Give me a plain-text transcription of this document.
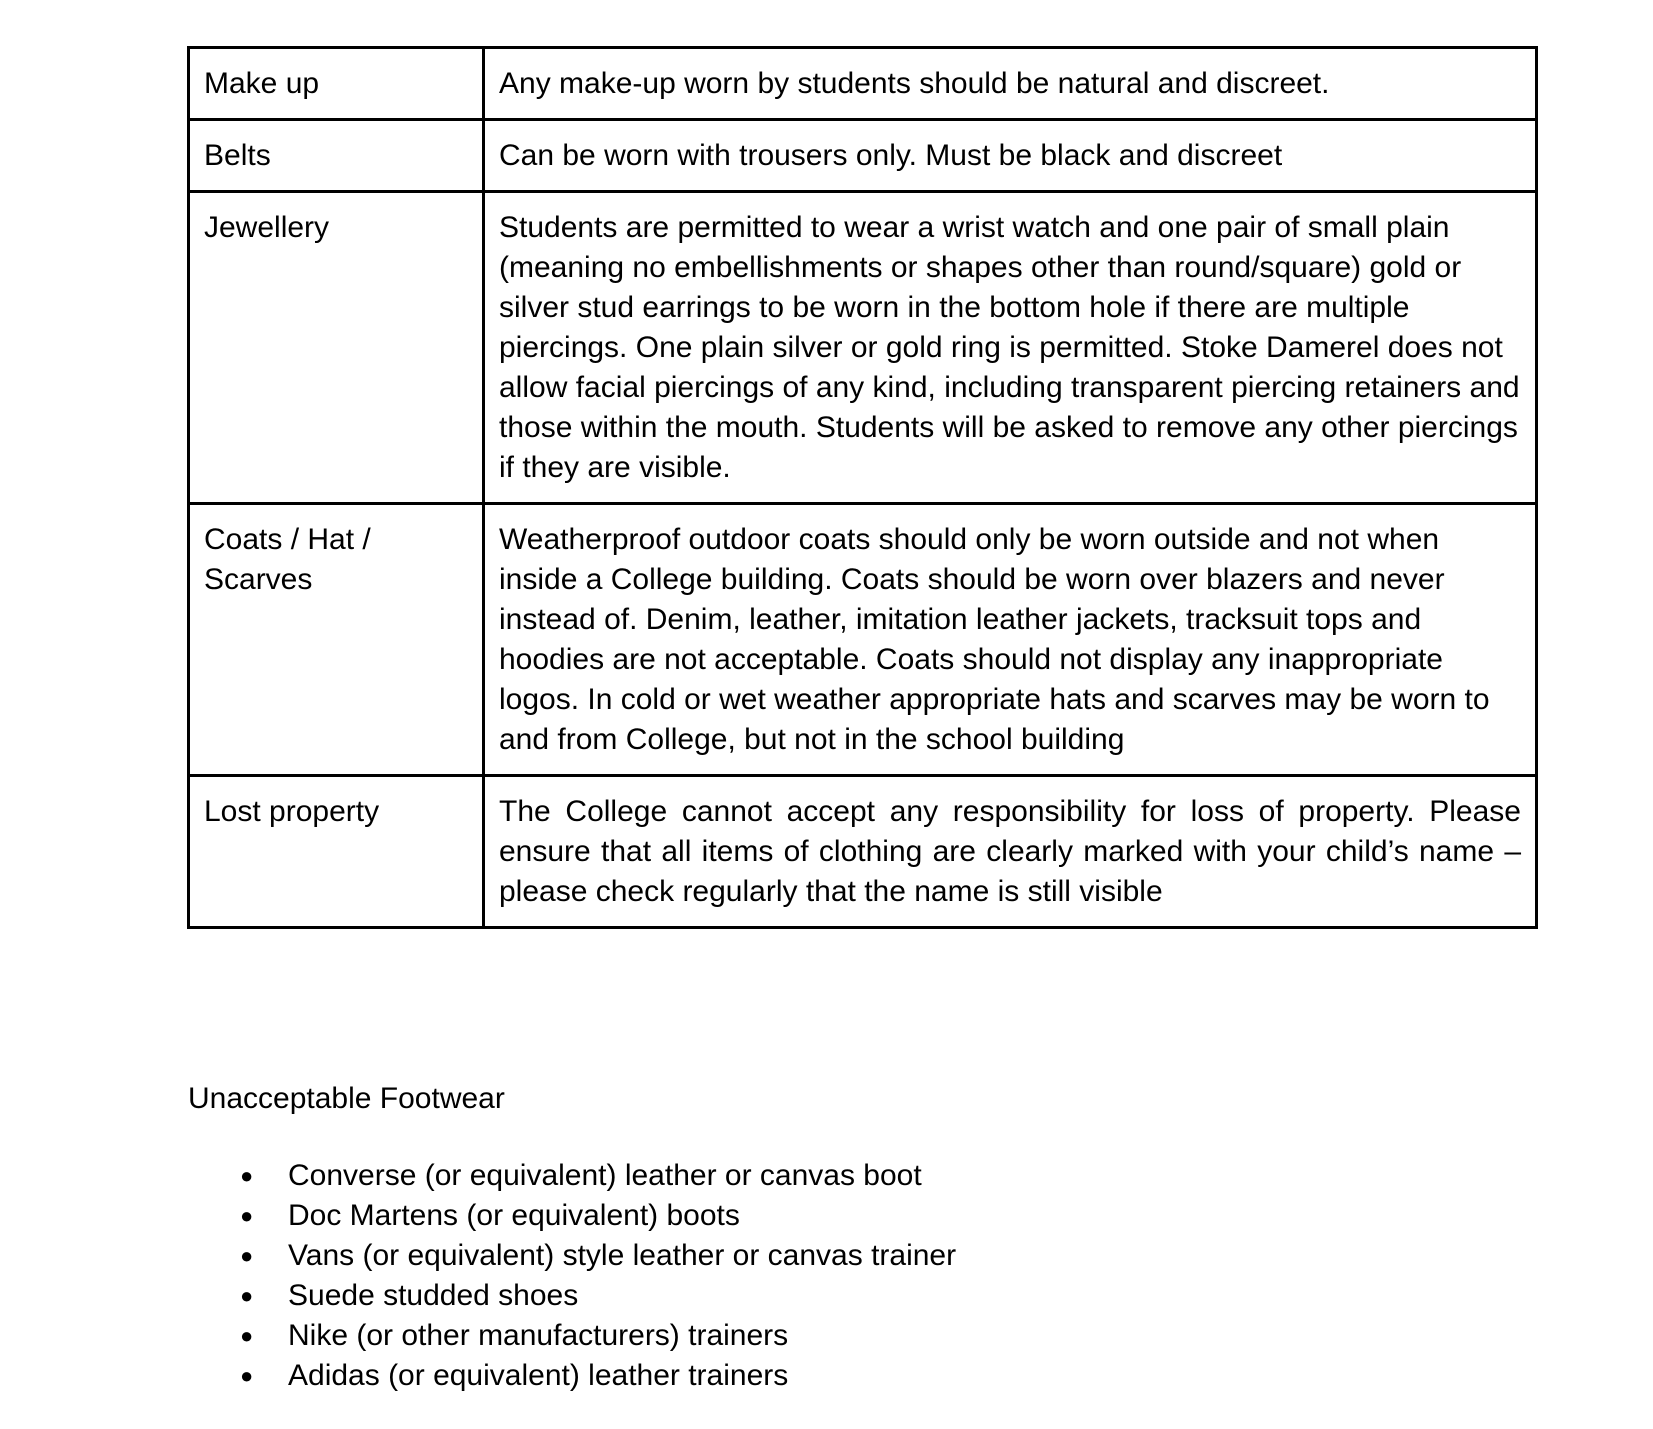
Make up	Any make-up worn by students should be natural and discreet.
Belts	Can be worn with trousers only. Must be black and discreet
Jewellery	Students are permitted to wear a wrist watch and one pair of small plain (meaning no embellishments or shapes other than round/square) gold or silver stud earrings to be worn in the bottom hole if there are multiple piercings. One plain silver or gold ring is permitted. Stoke Damerel does not allow facial piercings of any kind, including transparent piercing retainers and those within the mouth. Students will be asked to remove any other piercings if they are visible.
Coats / Hat / Scarves	Weatherproof outdoor coats should only be worn outside and not when inside a College building. Coats should be worn over blazers and never instead of. Denim, leather, imitation leather jackets, tracksuit tops and hoodies are not acceptable. Coats should not display any inappropriate logos. In cold or wet weather appropriate hats and scarves may be worn to and from College, but not in the school building
Lost property	The College cannot accept any responsibility for loss of property. Please ensure that all items of clothing are clearly marked with your child’s name – please check regularly that the name is still visible

Unacceptable Footwear

● Converse (or equivalent) leather or canvas boot
● Doc Martens (or equivalent) boots
● Vans (or equivalent) style leather or canvas trainer
● Suede studded shoes
● Nike (or other manufacturers) trainers
● Adidas (or equivalent) leather trainers
